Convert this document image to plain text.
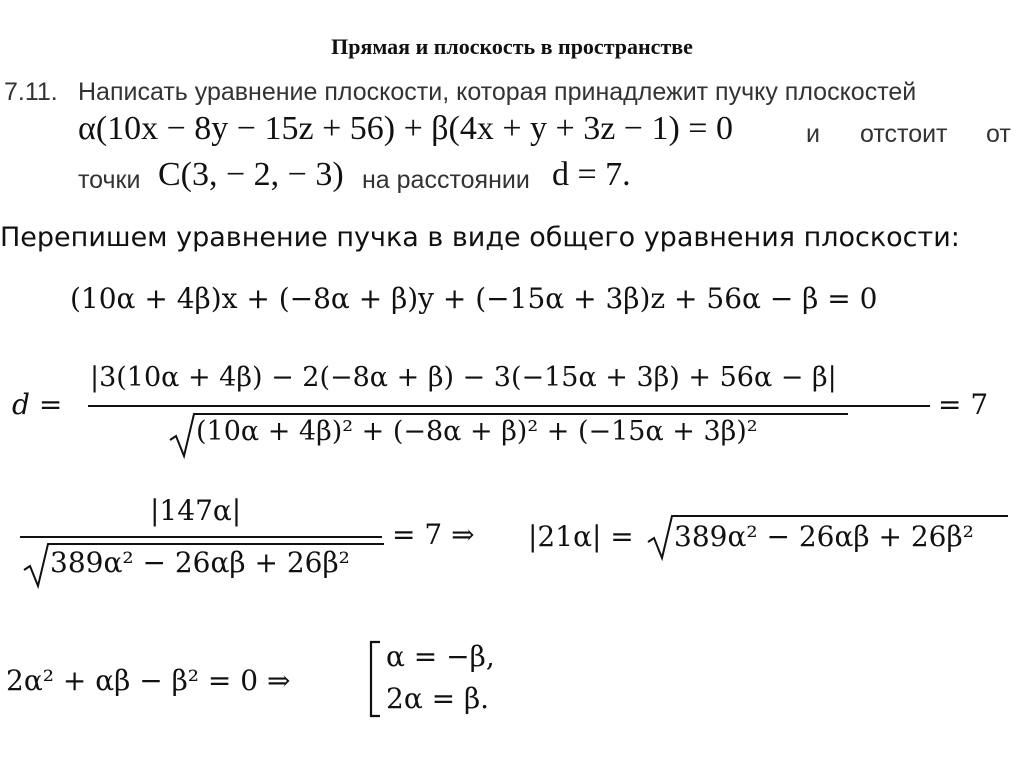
Прямая и плоскость в пространстве
7.11. Написать уравнение плоскости, которая принадлежит пучку плоскостей
α(10x − 8y − 15z + 56) + β(4x + y + 3z − 1) = 0	и отстоит от
точки C(3, − 2, − 3) на расстоянии d = 7.
Перепишем уравнение пучка в виде общего уравнения плоскости:
(10α + 4β)x + (−8α + β)y + (−15α + 3β)z + 56α − β = 0
d =
|3(10α + 4β) − 2(−8α + β) − 3(−15α + 3β) + 56α − β|
(10α + 4β)² + (−8α + β)² + (−15α + 3β)²
= 7
|147α|
389α² − 26αβ + 26β²
= 7 ⇒ |21α| = 389α² − 26αβ + 26β²
2α² + αβ − β² = 0 ⇒
α = −β,
2α = β.
